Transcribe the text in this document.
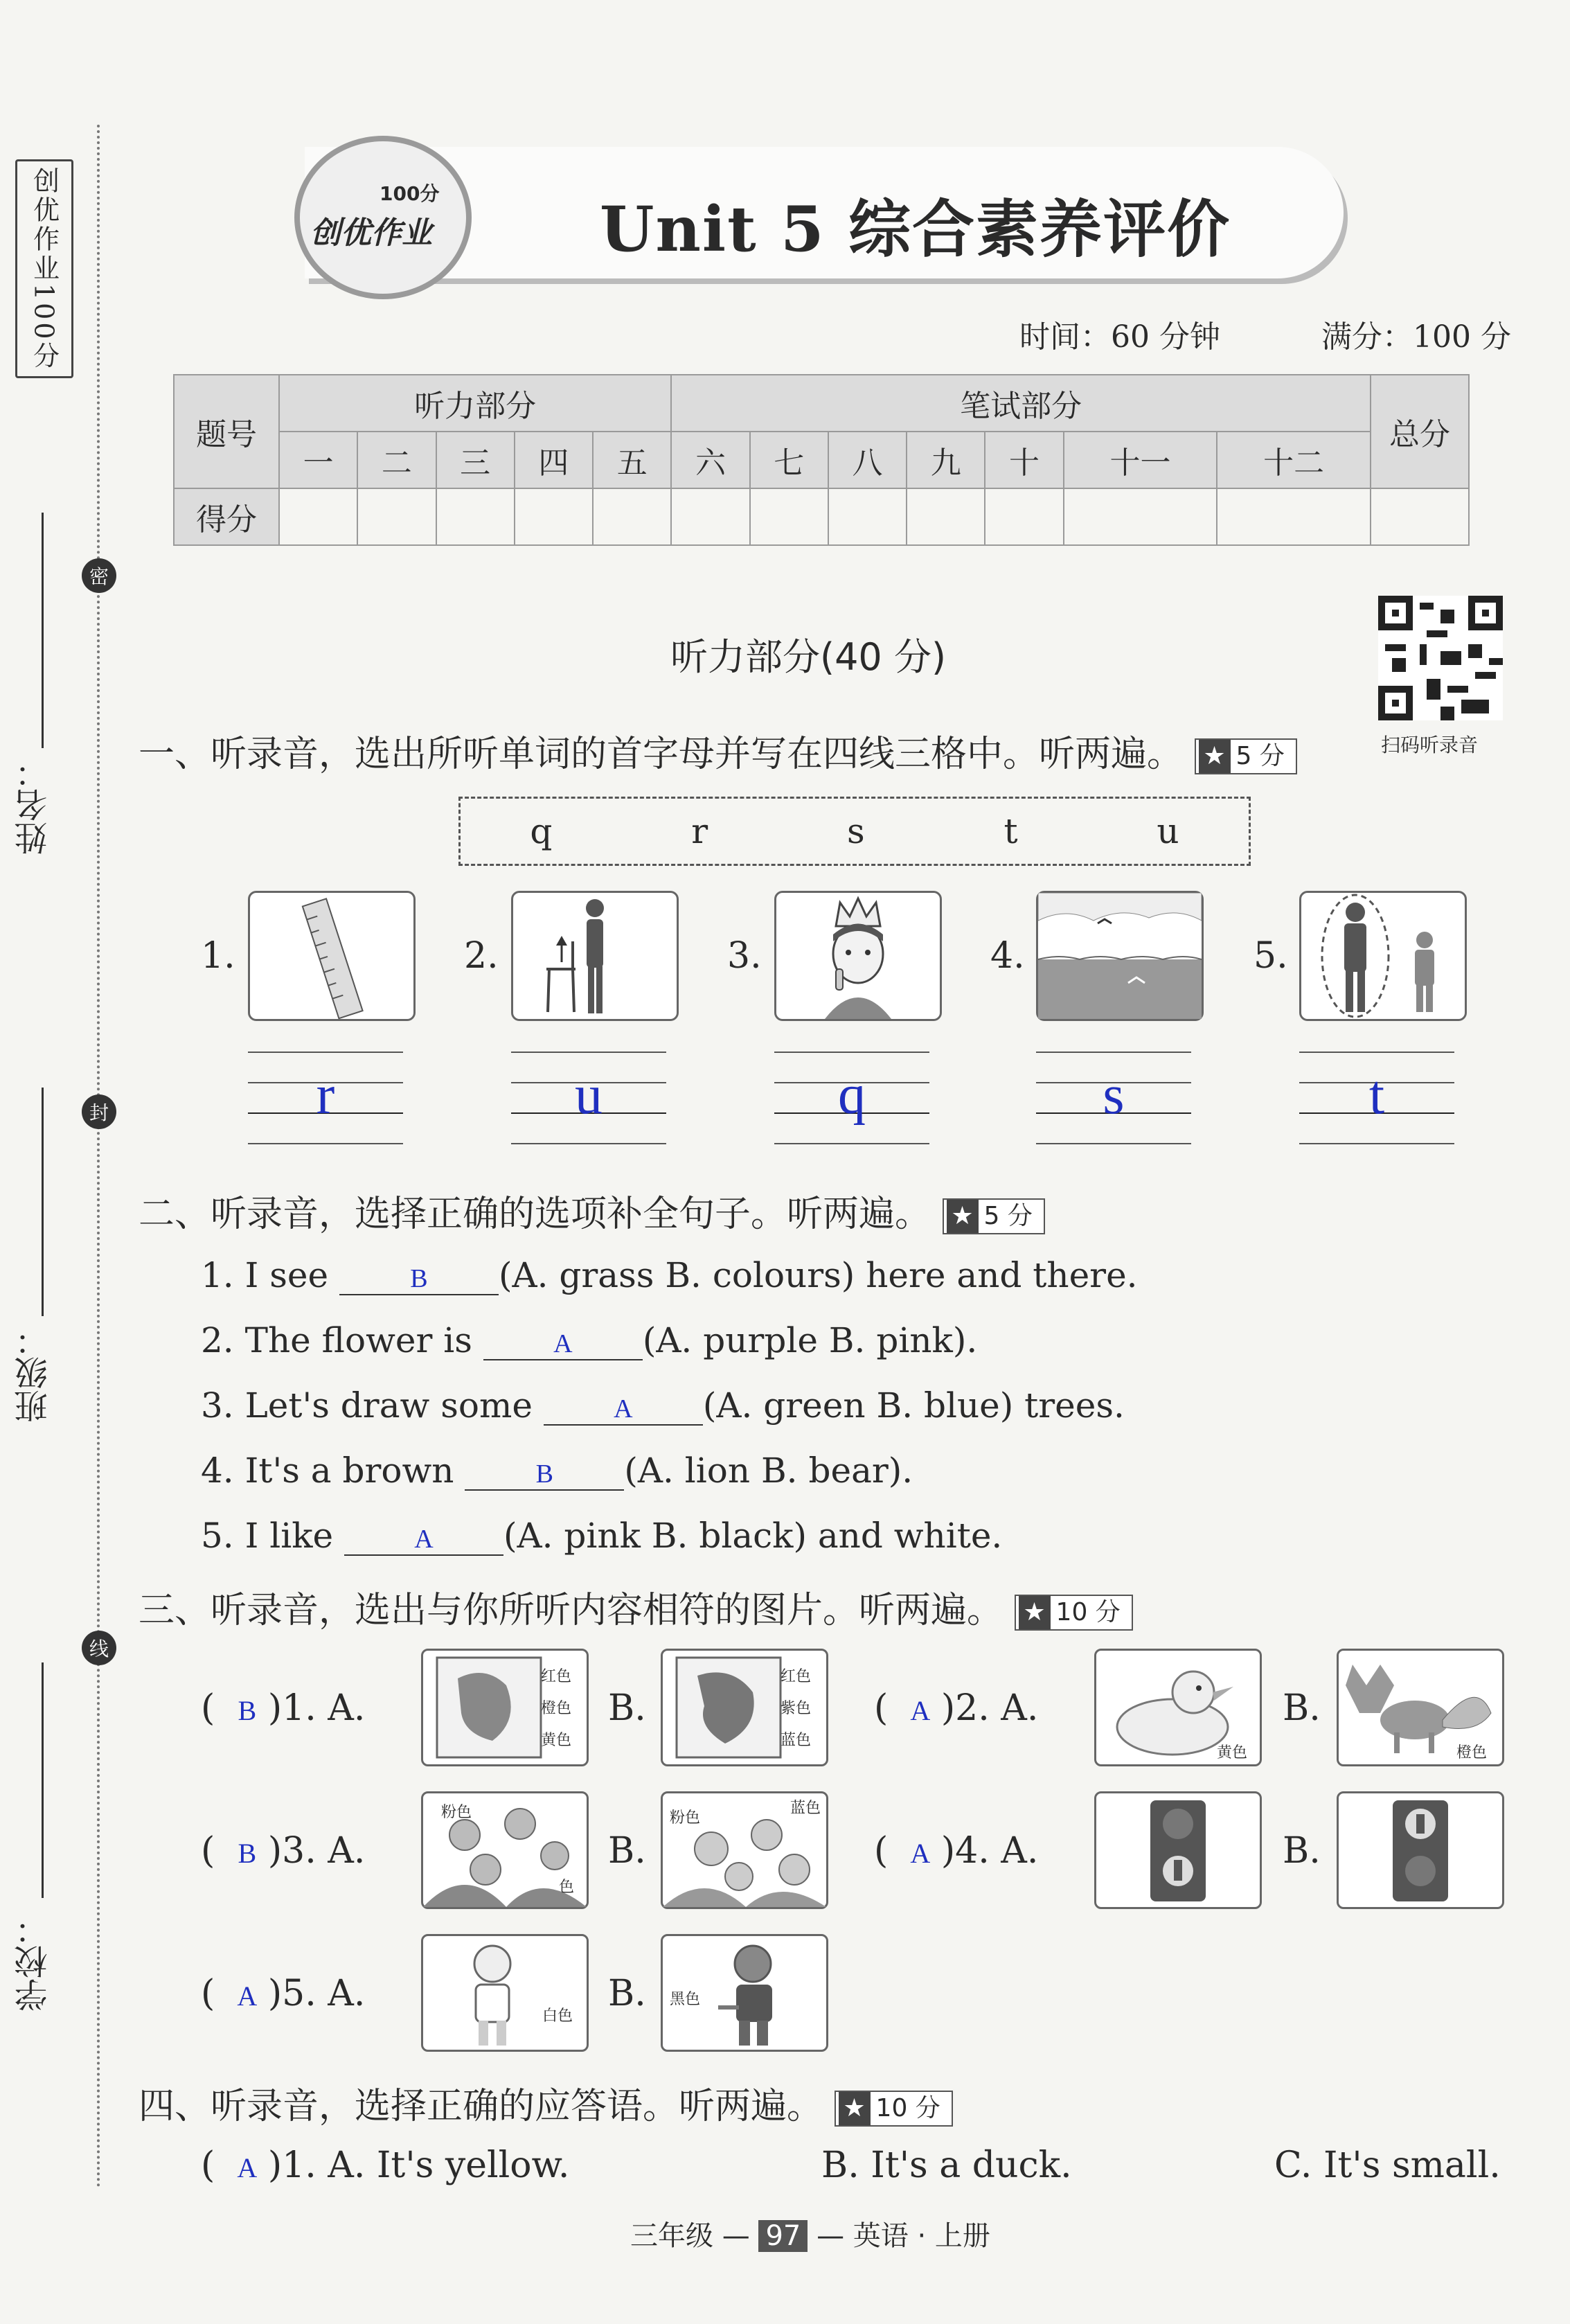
创优作业100分
密
封
线
姓名：
班级：
学校：
100分
创优作业	Unit 5 综合素养评价
时间：60 分钟	满分：100 分
题号	听力部分					笔试部分							总分
	一	二	三	四	五	六	七	八	九	十	十一	十二	
得分													
听力部分(40 分)
扫码听录音
一、听录音，选出所听单词的首字母并写在四线三格中。听两遍。 ★ 5 分
q	r	s	t	u
1.	2.	3.	4.	5.
r	u	q	s	t
二、听录音，选择正确的选项补全句子。听两遍。 ★ 5 分
1. I see	B (A. grass B. colours) here and there.
2. The flower is	A (A. purple B. pink).
3. Let's draw some	A (A. green B. blue) trees.
4. It's a brown	B (A. lion B. bear).
5. I like	A (A. pink B. black) and white.
三、听录音，选出与你所听内容相符的图片。听两遍。 ★ 10 分
( B )1. A.
红色
橙色
黄色
B.
红色
紫色
蓝色
( A )2. A.
黄色
B.
橙色
( B )3. A.
粉色
色
B.
粉色
蓝色
( A )4. A.	B.
( A )5. A.
白色
B. 黑色
四、听录音，选择正确的应答语。听两遍。 ★ 10 分
( A )1. A. It's yellow.	B. It's a duck.	C. It's small.
三年级 — 97 — 英语 · 上册
